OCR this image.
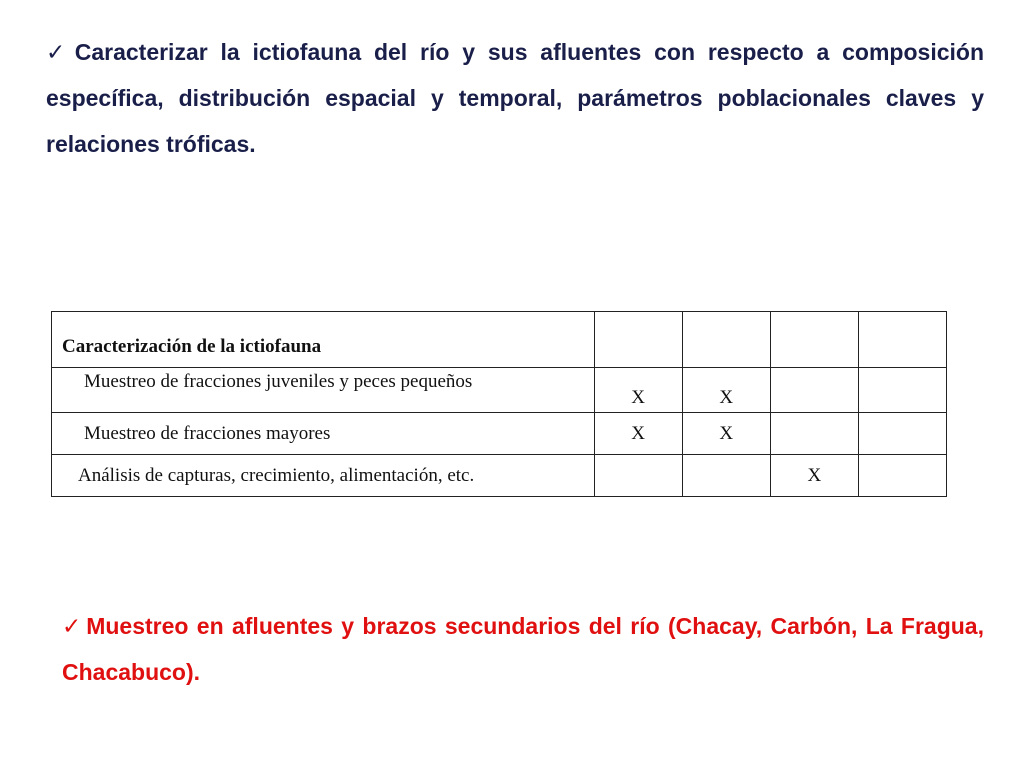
✓ Caracterizar la ictiofauna del río y sus afluentes con respecto a composición específica, distribución espacial y temporal, parámetros poblacionales claves y relaciones tróficas.
Caracterización de la ictiofauna				
Muestreo de fracciones juveniles y peces pequeños	X	X		
Muestreo de fracciones mayores	X	X		
Análisis de capturas, crecimiento, alimentación, etc.			X	
✓ Muestreo en afluentes y brazos secundarios del río (Chacay, Carbón, La Fragua, Chacabuco).
